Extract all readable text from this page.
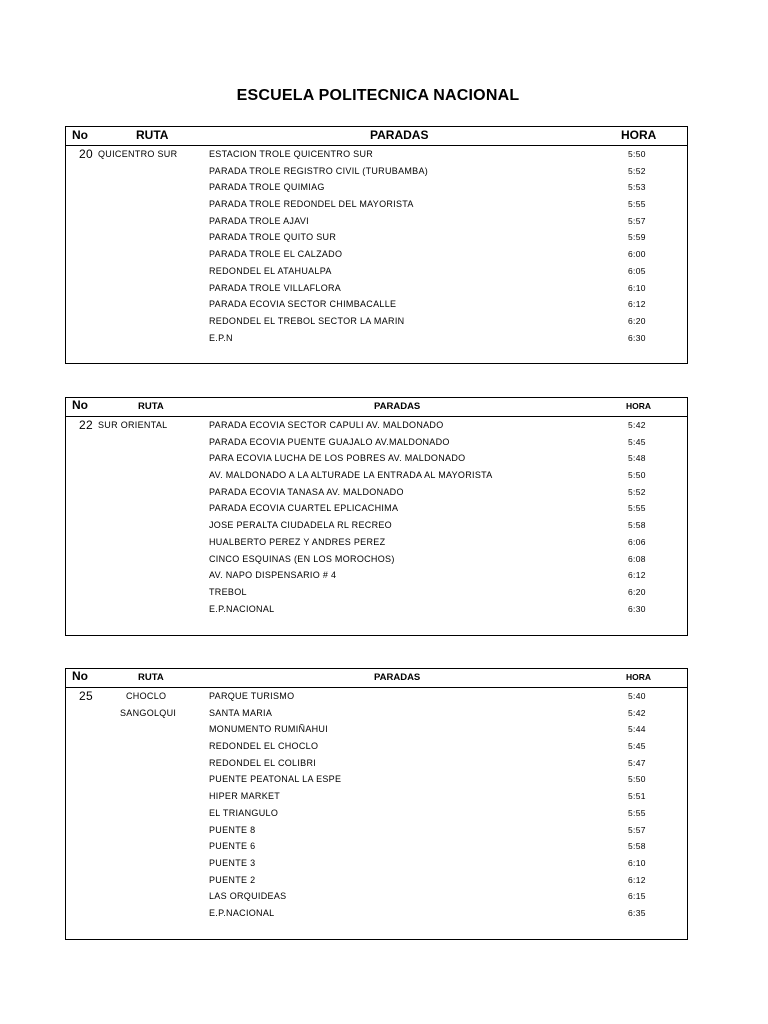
ESCUELA POLITECNICA NACIONAL
No	RUTA	PARADAS	HORA
20 QUICENTRO SUR	ESTACION TROLE QUICENTRO SUR	5:50
PARADA TROLE REGISTRO CIVIL (TURUBAMBA)	5:52
PARADA TROLE QUIMIAG	5:53
PARADA TROLE REDONDEL DEL MAYORISTA	5:55
PARADA TROLE AJAVI	5:57
PARADA TROLE QUITO SUR	5:59
PARADA TROLE EL CALZADO	6:00
REDONDEL EL ATAHUALPA	6:05
PARADA TROLE VILLAFLORA	6:10
PARADA ECOVIA SECTOR CHIMBACALLE	6:12
REDONDEL EL TREBOL SECTOR LA MARIN	6:20
E.P.N	6:30
No	RUTA	PARADAS	HORA
22 SUR ORIENTAL	PARADA ECOVIA SECTOR CAPULI AV. MALDONADO	5:42
PARADA ECOVIA PUENTE GUAJALO AV.MALDONADO	5:45
PARA ECOVIA LUCHA DE LOS POBRES AV. MALDONADO	5:48
AV. MALDONADO A LA ALTURADE LA ENTRADA AL MAYORISTA	5:50
PARADA ECOVIA TANASA AV. MALDONADO	5:52
PARADA ECOVIA CUARTEL EPLICACHIMA	5:55
JOSE PERALTA CIUDADELA RL RECREO	5:58
HUALBERTO PEREZ Y ANDRES PEREZ	6:06
CINCO ESQUINAS (EN LOS MOROCHOS)	6:08
AV. NAPO DISPENSARIO # 4	6:12
TREBOL	6:20
E.P.NACIONAL	6:30
No	RUTA	PARADAS	HORA
25	CHOCLO	PARQUE TURISMO	5:40
SANGOLQUI	SANTA MARIA	5:42
MONUMENTO RUMIÑAHUI	5:44
REDONDEL EL CHOCLO	5:45
REDONDEL EL COLIBRI	5:47
PUENTE PEATONAL LA ESPE	5:50
HIPER MARKET	5:51
EL TRIANGULO	5:55
PUENTE 8	5:57
PUENTE 6	5:58
PUENTE 3	6:10
PUENTE 2	6:12
LAS ORQUIDEAS	6:15
E.P.NACIONAL	6:35
